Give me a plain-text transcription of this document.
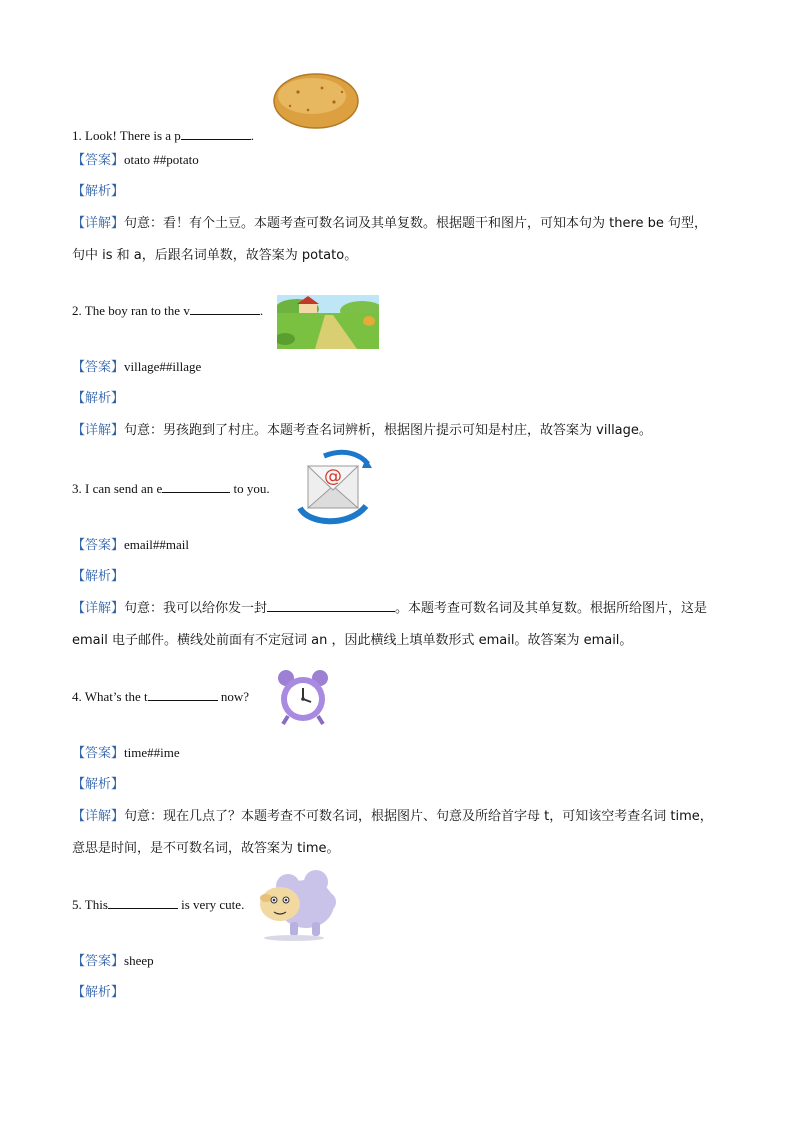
1. Look! There is a p	.
【答案】otato ##potato
【解析】
【详解】句意：看！有个土豆。本题考查可数名词及其单复数。根据题干和图片，可知本句为 there be 句型，句中 is 和 a，后跟名词单数，故答案为 potato。
2. The boy ran to the v	.
【答案】village##illage
【解析】
【详解】句意：男孩跑到了村庄。本题考查名词辨析，根据图片提示可知是村庄，故答案为 village。
@
3. I can send an e	to you.
【答案】email##mail
【解析】
【详解】句意：我可以给你发一封	。本题考查可数名词及其单复数。根据所给图片，这是 email 电子邮件。横线处前面有不定冠词 an ，因此横线上填单数形式 email。故答案为 email。
4. What’s the t	now?
【答案】time##ime
【解析】
【详解】句意：现在几点了？本题考查不可数名词，根据图片、句意及所给首字母 t，可知该空考查名词 time，意思是时间，是不可数名词，故答案为 time。
5. This	is very cute.
【答案】sheep
【解析】
